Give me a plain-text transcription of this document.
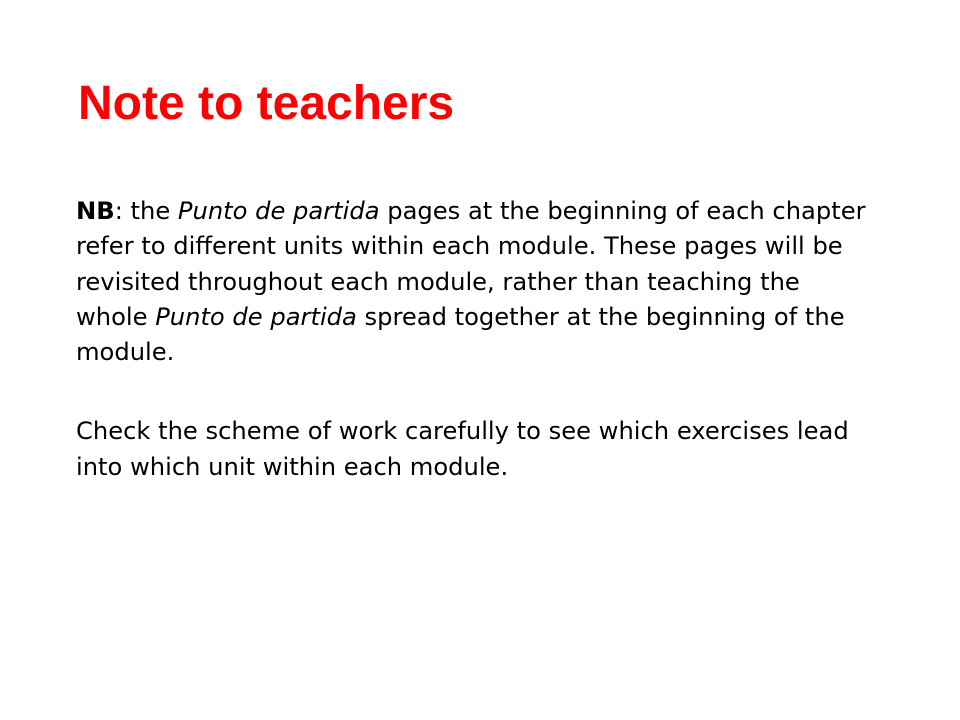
Note to teachers

NB: the Punto de partida pages at the beginning of each chapter refer to different units within each module. These pages will be revisited throughout each module, rather than teaching the whole Punto de partida spread together at the beginning of the module.

Check the scheme of work carefully to see which exercises lead into which unit within each module.
